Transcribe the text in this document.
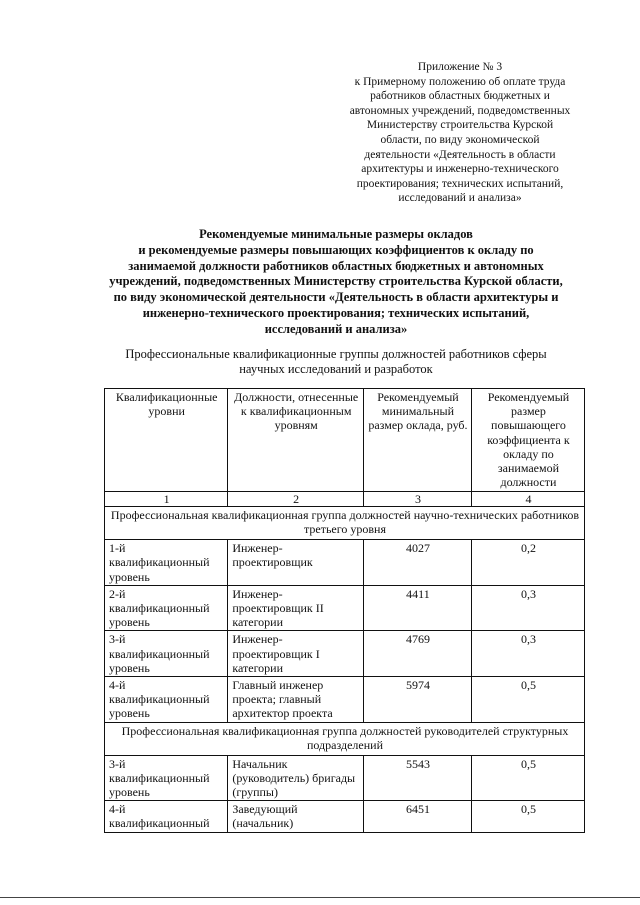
Приложение № 3
к Примерному положению об оплате труда
работников областных бюджетных и
автономных учреждений, подведомственных
Министерству строительства Курской
области, по виду экономической
деятельности «Деятельность в области
архитектуры и инженерно-технического
проектирования; технических испытаний,
исследований и анализа»
Рекомендуемые минимальные размеры окладов
и рекомендуемые размеры повышающих коэффициентов к окладу по
занимаемой должности работников областных бюджетных и автономных
учреждений, подведомственных Министерству строительства Курской области,
по виду экономической деятельности «Деятельность в области архитектуры и
инженерно-технического проектирования; технических испытаний,
исследований и анализа»
Профессиональные квалификационные группы должностей работников сферы
научных исследований и разработок
Квалификационные уровни	Должности, отнесенные к квалификационным уровням	Рекомендуемый минимальный размер оклада, руб.	Рекомендуемый размер повышающего коэффициента к окладу по занимаемой должности
1	2	3	4
Профессиональная квалификационная группа должностей научно-технических работников третьего уровня			
1-й квалификационный уровень	Инженер-проектировщик	4027	0,2
2-й квалификационный уровень	Инженер-проектировщик II категории	4411	0,3
3-й квалификационный уровень	Инженер-проектировщик I категории	4769	0,3
4-й квалификационный уровень	Главный инженер проекта; главный архитектор проекта	5974	0,5
Профессиональная квалификационная группа должностей руководителей структурных подразделений			
3-й квалификационный уровень	Начальник (руководитель) бригады (группы)	5543	0,5
4-й квалификационный	Заведующий (начальник)	6451	0,5
